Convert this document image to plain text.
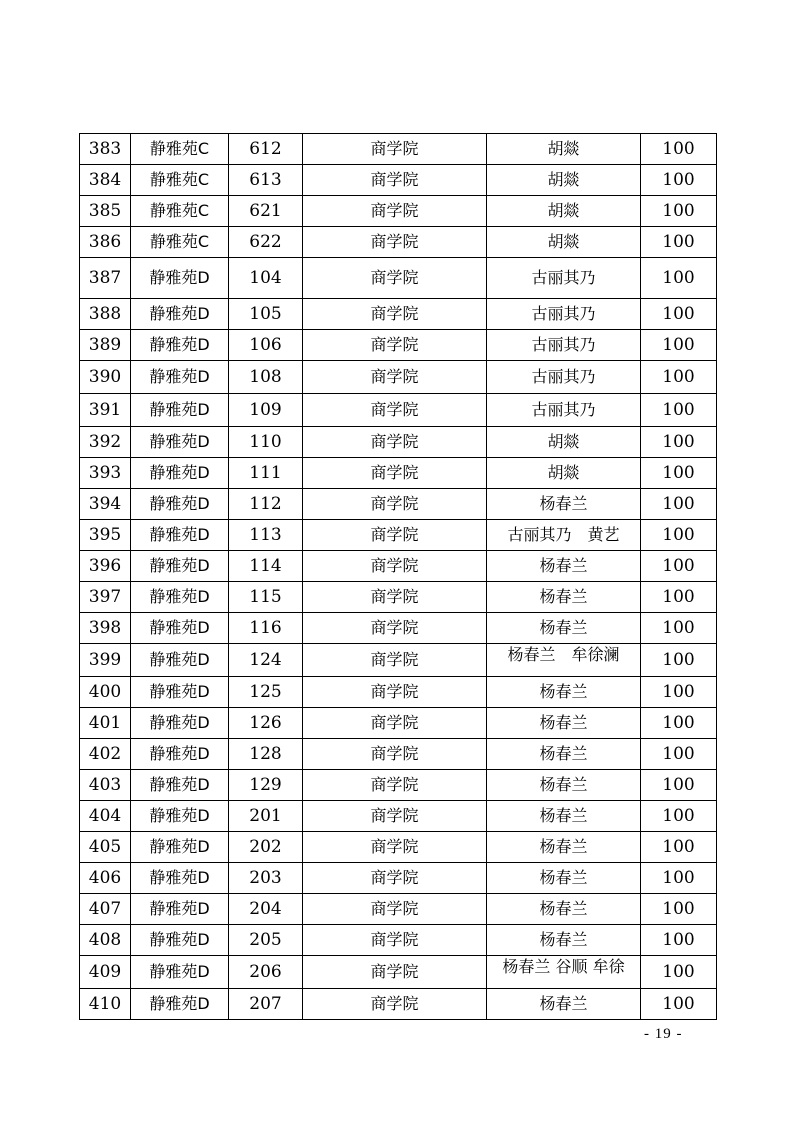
383	静雅苑C	612	商学院	胡燚	100
384	静雅苑C	613	商学院	胡燚	100
385	静雅苑C	621	商学院	胡燚	100
386	静雅苑C	622	商学院	胡燚	100
387	静雅苑D	104	商学院	古丽其乃	100
388	静雅苑D	105	商学院	古丽其乃	100
389	静雅苑D	106	商学院	古丽其乃	100
390	静雅苑D	108	商学院	古丽其乃	100
391	静雅苑D	109	商学院	古丽其乃	100
392	静雅苑D	110	商学院	胡燚	100
393	静雅苑D	111	商学院	胡燚	100
394	静雅苑D	112	商学院	杨春兰	100
395	静雅苑D	113	商学院	古丽其乃　黄艺	100
396	静雅苑D	114	商学院	杨春兰	100
397	静雅苑D	115	商学院	杨春兰	100
398	静雅苑D	116	商学院	杨春兰	100
399	静雅苑D	124	商学院	杨春兰　牟徐澜	100
400	静雅苑D	125	商学院	杨春兰	100
401	静雅苑D	126	商学院	杨春兰	100
402	静雅苑D	128	商学院	杨春兰	100
403	静雅苑D	129	商学院	杨春兰	100
404	静雅苑D	201	商学院	杨春兰	100
405	静雅苑D	202	商学院	杨春兰	100
406	静雅苑D	203	商学院	杨春兰	100
407	静雅苑D	204	商学院	杨春兰	100
408	静雅苑D	205	商学院	杨春兰	100
409	静雅苑D	206	商学院	杨春兰 谷顺 牟徐	100
410	静雅苑D	207	商学院	杨春兰	100
- 19 -
